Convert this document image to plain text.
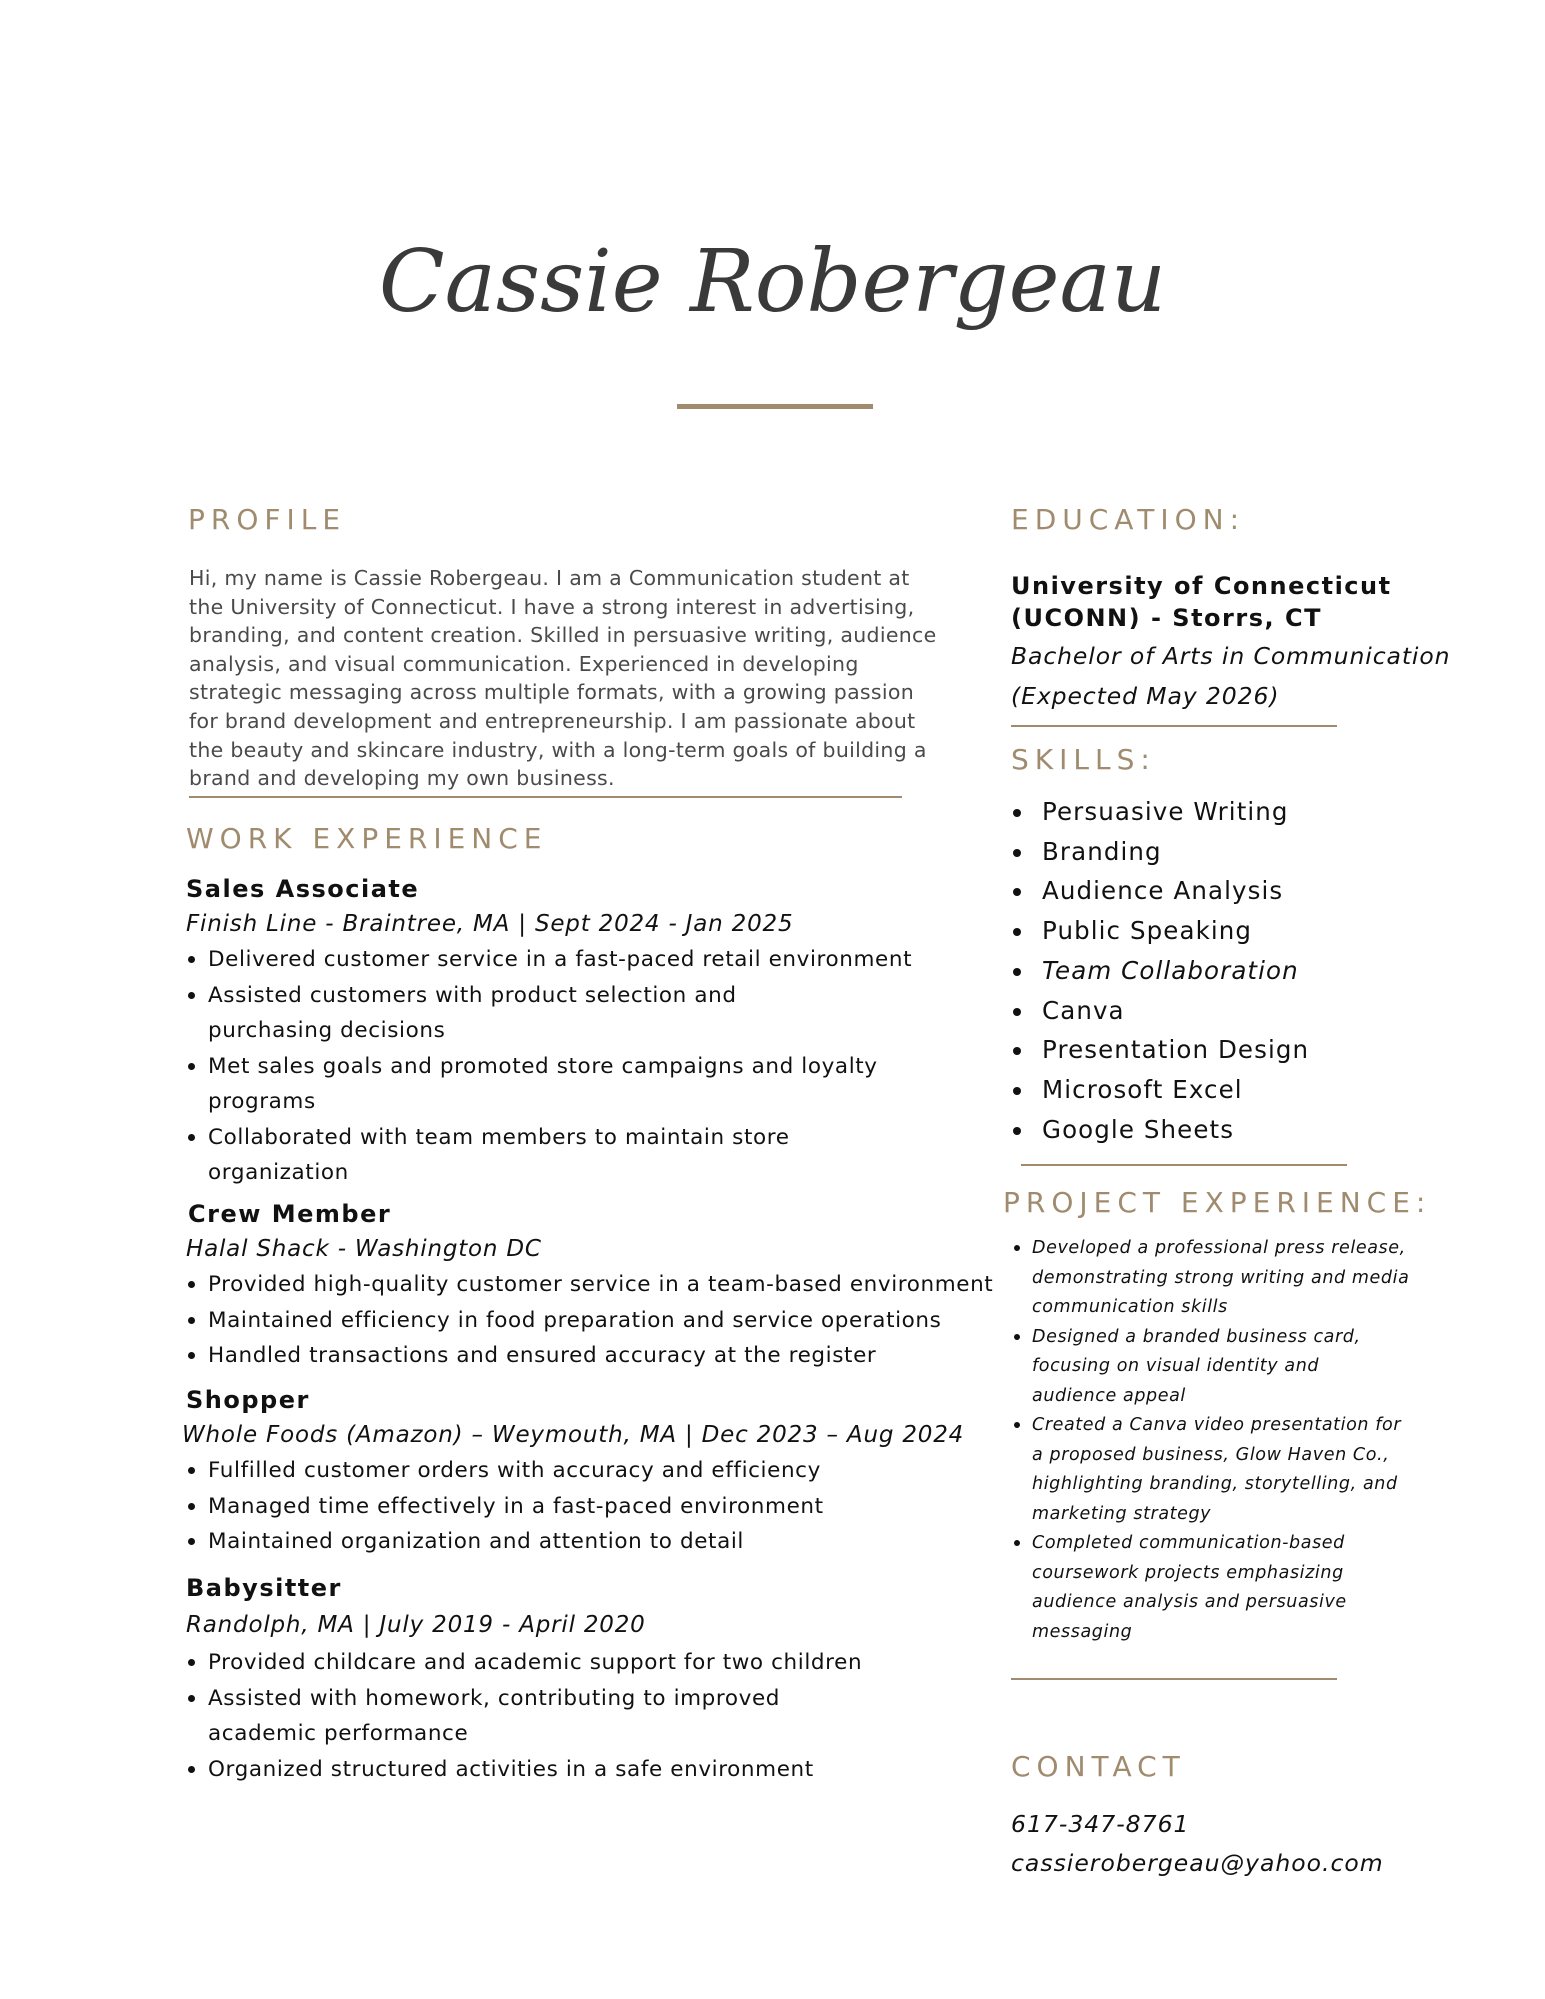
Cassie Robergeau
PROFILE
Hi, my name is Cassie Robergeau. I am a Communication student at the University of Connecticut. I have a strong interest in advertising, branding, and content creation. Skilled in persuasive writing, audience analysis, and visual communication. Experienced in developing strategic messaging across multiple formats, with a growing passion for brand development and entrepreneurship. I am passionate about the beauty and skincare industry, with a long-term goals of building a brand and developing my own business.
WORK EXPERIENCE
Sales Associate
Finish Line - Braintree, MA | Sept 2024 - Jan 2025
Delivered customer service in a fast-paced retail environment
Assisted customers with product selection and purchasing decisions
Met sales goals and promoted store campaigns and loyalty programs
Collaborated with team members to maintain store organization
Crew Member
Halal Shack - Washington DC
Provided high-quality customer service in a team-based environment
Maintained efficiency in food preparation and service operations
Handled transactions and ensured accuracy at the register
Shopper
Whole Foods (Amazon) – Weymouth, MA | Dec 2023 – Aug 2024
Fulfilled customer orders with accuracy and efficiency
Managed time effectively in a fast-paced environment
Maintained organization and attention to detail
Babysitter
Randolph, MA | July 2019 - April 2020
Provided childcare and academic support for two children
Assisted with homework, contributing to improved academic performance
Organized structured activities in a safe environment
EDUCATION:
University of Connecticut (UCONN) - Storrs, CT
Bachelor of Arts in Communication
(Expected May 2026)
SKILLS:
Persuasive Writing
Branding
Audience Analysis
Public Speaking
Team Collaboration
Canva
Presentation Design
Microsoft Excel
Google Sheets
PROJECT EXPERIENCE:
Developed a professional press release, demonstrating strong writing and media communication skills
Designed a branded business card, focusing on visual identity and audience appeal
Created a Canva video presentation for a proposed business, Glow Haven Co., highlighting branding, storytelling, and marketing strategy
Completed communication-based coursework projects emphasizing audience analysis and persuasive messaging
CONTACT
617-347-8761
cassierobergeau@yahoo.com
